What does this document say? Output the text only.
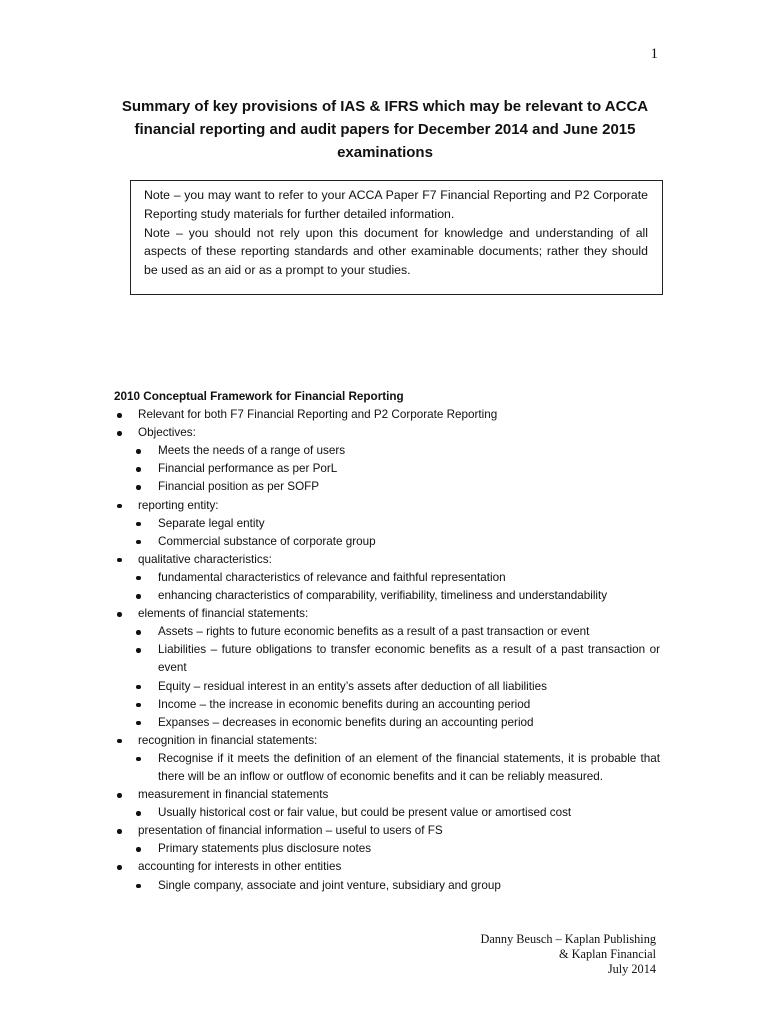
1
Summary of key provisions of IAS & IFRS which may be relevant to ACCA
financial reporting and audit papers for December 2014 and June 2015
examinations

Note – you may want to refer to your ACCA Paper F7 Financial Reporting and P2 Corporate Reporting study materials for further detailed information.

Note – you should not rely upon this document for knowledge and understanding of all aspects of these reporting standards and other examinable documents; rather they should be used as an aid or as a prompt to your studies.

2010 Conceptual Framework for Financial Reporting
Relevant for both F7 Financial Reporting and P2 Corporate Reporting
Objectives:
Meets the needs of a range of users
Financial performance as per PorL
Financial position as per SOFP
reporting entity:
Separate legal entity
Commercial substance of corporate group
qualitative characteristics:
fundamental characteristics of relevance and faithful representation
enhancing characteristics of comparability, verifiability, timeliness and understandability
elements of financial statements:
Assets – rights to future economic benefits as a result of a past transaction or event
Liabilities – future obligations to transfer economic benefits as a result of a past transaction or event
Equity – residual interest in an entity’s assets after deduction of all liabilities
Income – the increase in economic benefits during an accounting period
Expanses – decreases in economic benefits during an accounting period
recognition in financial statements:
Recognise if it meets the definition of an element of the financial statements, it is probable that there will be an inflow or outflow of economic benefits and it can be reliably measured.
measurement in financial statements
Usually historical cost or fair value, but could be present value or amortised cost
presentation of financial information – useful to users of FS
Primary statements plus disclosure notes
accounting for interests in other entities
Single company, associate and joint venture, subsidiary and group
Danny Beusch – Kaplan Publishing
& Kaplan Financial
July 2014
